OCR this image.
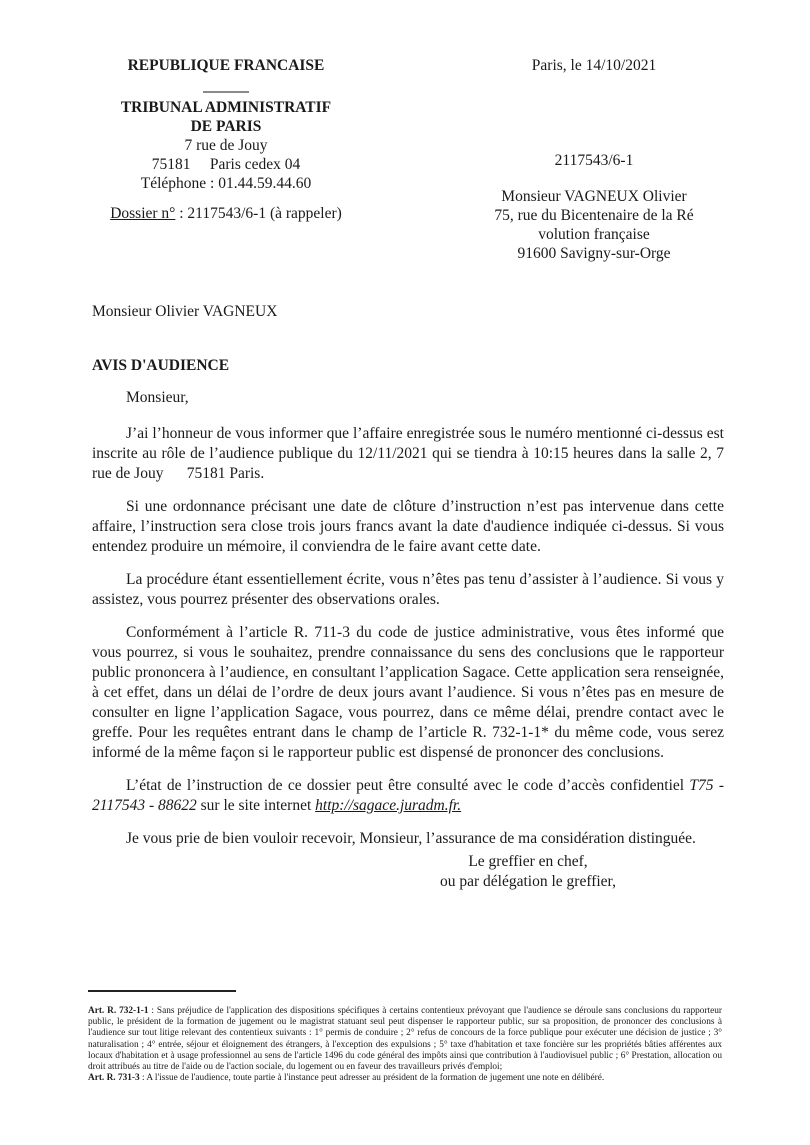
REPUBLIQUE FRANCAISE
TRIBUNAL ADMINISTRATIF
DE PARIS
7 rue de Jouy
75181     Paris cedex 04
Téléphone : 01.44.59.44.60
Dossier n° : 2117543/6-1 (à rappeler)
Paris, le 14/10/2021
2117543/6-1
Monsieur VAGNEUX Olivier
75, rue du Bicentenaire de la Ré
volution française
91600 Savigny-sur-Orge
Monsieur Olivier VAGNEUX
AVIS D'AUDIENCE
Monsieur,

J’ai l’honneur de vous informer que l’affaire enregistrée sous le numéro mentionné ci-dessus est inscrite au rôle de l’audience publique du 12/11/2021 qui se tiendra à 10:15 heures dans la salle 2, 7 rue de Jouy      75181 Paris.

Si une ordonnance précisant une date de clôture d’instruction n’est pas intervenue dans cette affaire, l’instruction sera close trois jours francs avant la date d'audience indiquée ci-dessus. Si vous entendez produire un mémoire, il conviendra de le faire avant cette date.

La procédure étant essentiellement écrite, vous n’êtes pas tenu d’assister à l’audience. Si vous y assistez, vous pourrez présenter des observations orales.

Conformément à l’article R. 711-3 du code de justice administrative, vous êtes informé que vous pourrez, si vous le souhaitez, prendre connaissance du sens des conclusions que le rapporteur public prononcera à l’audience, en consultant l’application Sagace. Cette application sera renseignée, à cet effet, dans un délai de l’ordre de deux jours avant l’audience. Si vous n’êtes pas en mesure de consulter en ligne l’application Sagace, vous pourrez, dans ce même délai, prendre contact avec le greffe. Pour les requêtes entrant dans le champ de l’article R. 732-1-1* du même code, vous serez informé de la même façon si le rapporteur public est dispensé de prononcer des conclusions.

L’état de l’instruction de ce dossier peut être consulté avec le code d’accès confidentiel T75 - 2117543 - 88622 sur le site internet http://sagace.juradm.fr.

Je vous prie de bien vouloir recevoir, Monsieur, l’assurance de ma considération distinguée.

Le greffier en chef,
ou par délégation le greffier,
Art. R. 732-1-1 : Sans préjudice de l'application des dispositions spécifiques à certains contentieux prévoyant que l'audience se déroule sans conclusions du rapporteur public, le président de la formation de jugement ou le magistrat statuant seul peut dispenser le rapporteur public, sur sa proposition, de prononcer des conclusions à l'audience sur tout litige relevant des contentieux suivants : 1° permis de conduire ; 2° refus de concours de la force publique pour exécuter une décision de justice ; 3° naturalisation ; 4° entrée, séjour et éloignement des étrangers, à l'exception des expulsions ; 5° taxe d'habitation et taxe foncière sur les propriétés bâties afférentes aux locaux d'habitation et à usage professionnel au sens de l'article 1496 du code général des impôts ainsi que contribution à l'audiovisuel public ; 6° Prestation, allocation ou droit attribués au titre de l'aide ou de l'action sociale, du logement ou en faveur des travailleurs privés d'emploi;
Art. R. 731-3 : A l'issue de l'audience, toute partie à l'instance peut adresser au président de la formation de jugement une note en délibéré.
